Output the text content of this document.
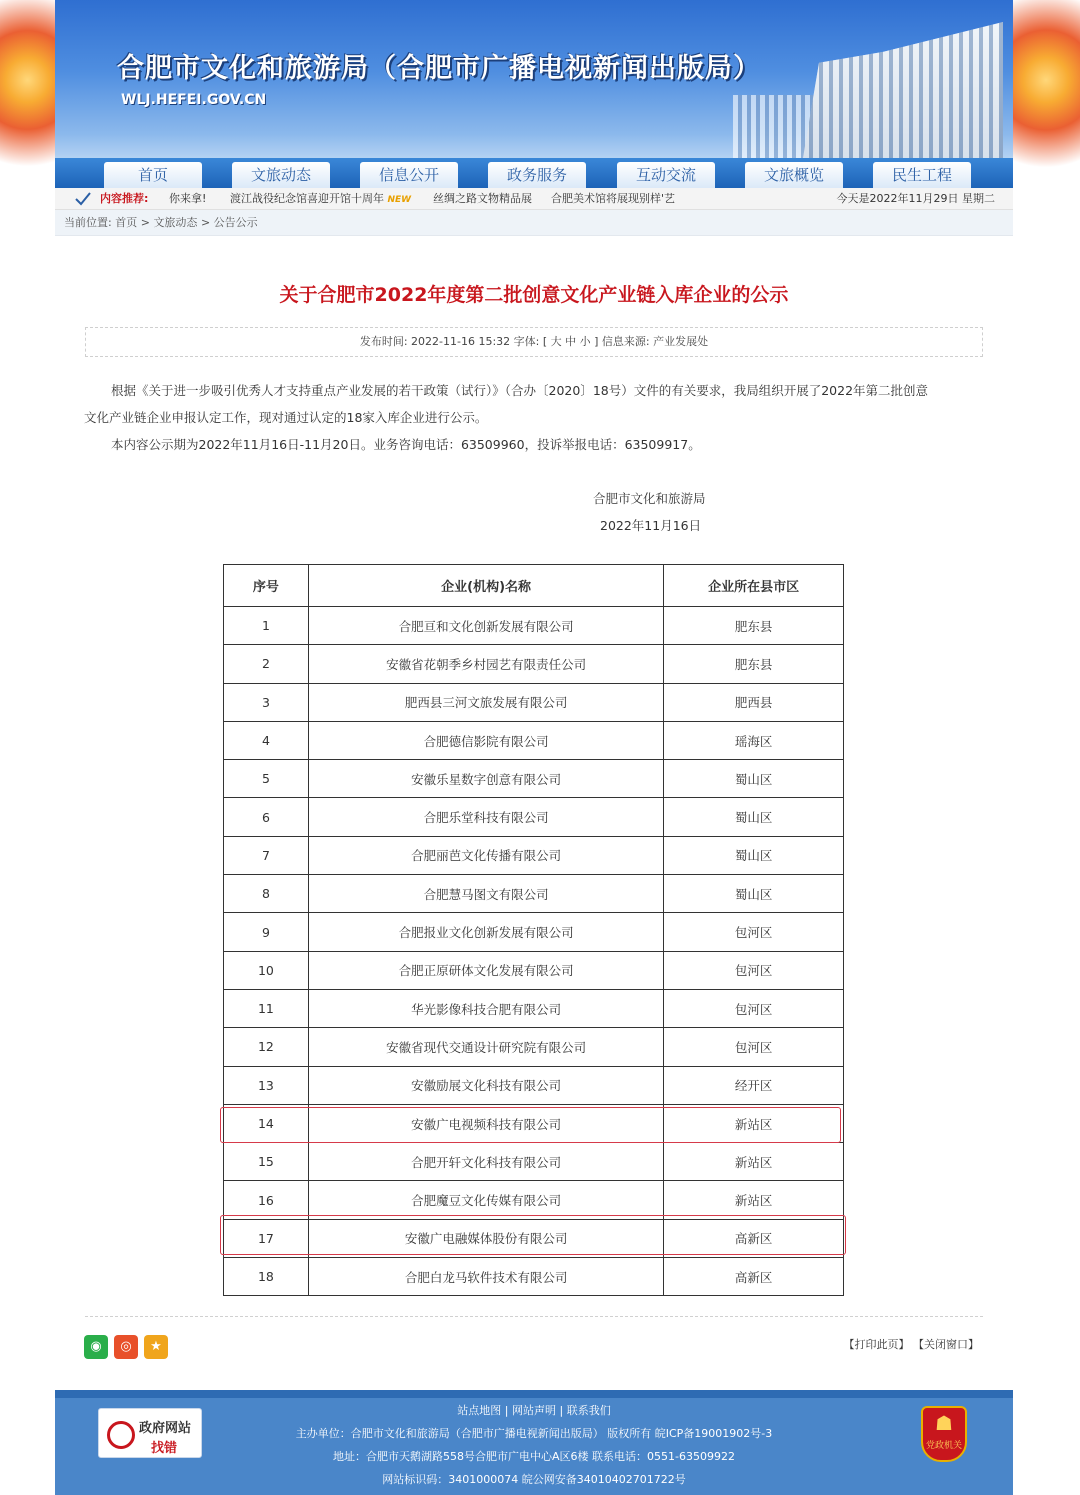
合肥市文化和旅游局（合肥市广播电视新闻出版局）
WLJ.HEFEI.GOV.CN
首页	文旅动态	信息公开	政务服务	互动交流	文旅概览	民生工程
内容推荐: 你来拿! 渡江战役纪念馆喜迎开馆十周年 NEW 丝绸之路文物精品展 合肥美术馆将展现别样'艺	今天是2022年11月29日 星期二
当前位置: 首页 > 文旅动态 > 公告公示
关于合肥市2022年度第二批创意文化产业链入库企业的公示
发布时间: 2022-11-16 15:32 字体: [ 大 中 小 ] 信息来源: 产业发展处
根据《关于进一步吸引优秀人才支持重点产业发展的若干政策（试行）》（合办〔2020〕18号）文件的有关要求，我局组织开展了2022年第二批创意
文化产业链企业申报认定工作，现对通过认定的18家入库企业进行公示。
本内容公示期为2022年11月16日-11月20日。业务咨询电话：63509960，投诉举报电话：63509917。
合肥市文化和旅游局
2022年11月16日
序号	企业(机构)名称	企业所在县市区
1	合肥亘和文化创新发展有限公司	肥东县
2	安徽省花朝季乡村园艺有限责任公司	肥东县
3	肥西县三河文旅发展有限公司	肥西县
4	合肥德信影院有限公司	瑶海区
5	安徽乐星数字创意有限公司	蜀山区
6	合肥乐堂科技有限公司	蜀山区
7	合肥丽芭文化传播有限公司	蜀山区
8	合肥慧马图文有限公司	蜀山区
9	合肥报业文化创新发展有限公司	包河区
10	合肥正原研体文化发展有限公司	包河区
11	华光影像科技合肥有限公司	包河区
12	安徽省现代交通设计研究院有限公司	包河区
13	安徽励展文化科技有限公司	经开区
14	安徽广电视频科技有限公司	新站区
15	合肥开轩文化科技有限公司	新站区
16	合肥魔豆文化传媒有限公司	新站区
17	安徽广电融媒体股份有限公司	高新区
18	合肥白龙马软件技术有限公司	高新区
◉	◎	★	【打印此页】 【关闭窗口】
政府网站
找错
站点地图 | 网站声明 | 联系我们
主办单位：合肥市文化和旅游局（合肥市广播电视新闻出版局） 版权所有 皖ICP备19001902号-3
地址：合肥市天鹅湖路558号合肥市广电中心A区6楼 联系电话：0551-63509922
网站标识码：3401000074 皖公网安备34010402701722号
☗
党政机关
